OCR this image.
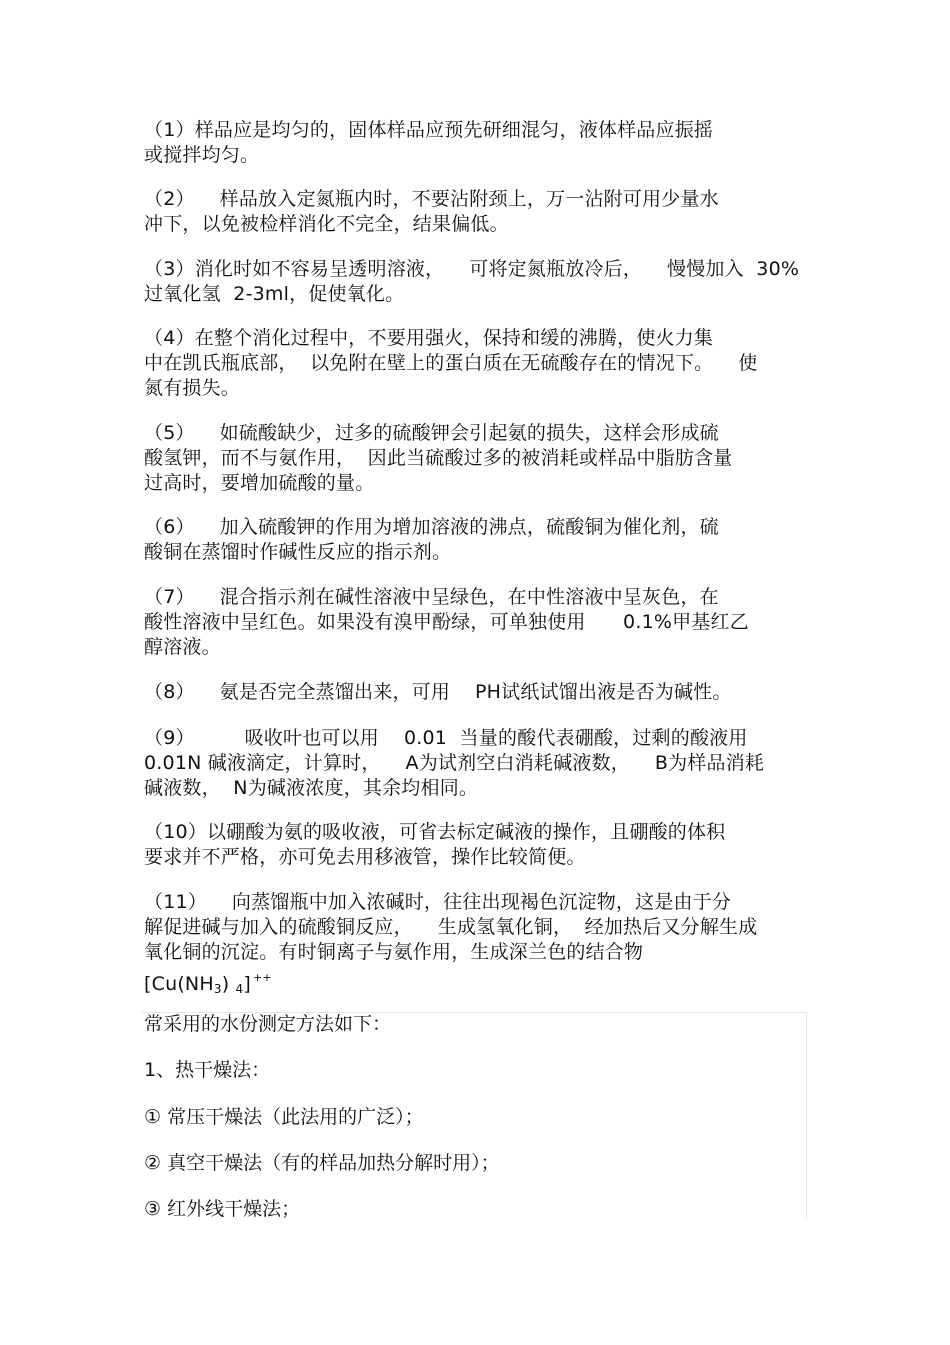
（1）样品应是均匀的，固体样品应预先研细混匀，液体样品应振摇
或搅拌均匀。
（2）    样品放入定氮瓶内时，不要沾附颈上，万一沾附可用少量水
冲下，以免被检样消化不完全，结果偏低。
（3）消化时如不容易呈透明溶液，    可将定氮瓶放冷后，    慢慢加入  30%
过氧化氢  2-3ml，促使氧化。
（4）在整个消化过程中，不要用强火，保持和缓的沸腾，使火力集
中在凯氏瓶底部，  以免附在壁上的蛋白质在无硫酸存在的情况下。    使
氮有损失。
（5）    如硫酸缺少，过多的硫酸钾会引起氨的损失，这样会形成硫
酸氢钾，而不与氨作用，  因此当硫酸过多的被消耗或样品中脂肪含量
过高时，要增加硫酸的量。
（6）    加入硫酸钾的作用为增加溶液的沸点，硫酸铜为催化剂，硫
酸铜在蒸馏时作碱性反应的指示剂。
（7）    混合指示剂在碱性溶液中呈绿色，在中性溶液中呈灰色，在
酸性溶液中呈红色。如果没有溴甲酚绿，可单独使用      0.1%甲基红乙
醇溶液。
（8）    氨是否完全蒸馏出来，可用    PH试纸试馏出液是否为碱性。
（9）        吸收叶也可以用    0.01  当量的酸代表硼酸，过剩的酸液用
0.01N 碱液滴定，计算时，    A为试剂空白消耗碱液数，    B为样品消耗
碱液数，  N为碱液浓度，其余均相同。
（10）以硼酸为氨的吸收液，可省去标定碱液的操作，且硼酸的体积
要求并不严格，亦可免去用移液管，操作比较简便。
（11）    向蒸馏瓶中加入浓碱时，往往出现褐色沉淀物，这是由于分
解促进碱与加入的硫酸铜反应，    生成氢氧化铜，  经加热后又分解生成
氧化铜的沉淀。有时铜离子与氨作用，生成深兰色的结合物
[$Cu(NH_3)$ $_4$] ++
常采用的水份测定方法如下：
1、热干燥法：
① 常压干燥法（此法用的广泛）；
② 真空干燥法（有的样品加热分解时用）；
③ 红外线干燥法；
